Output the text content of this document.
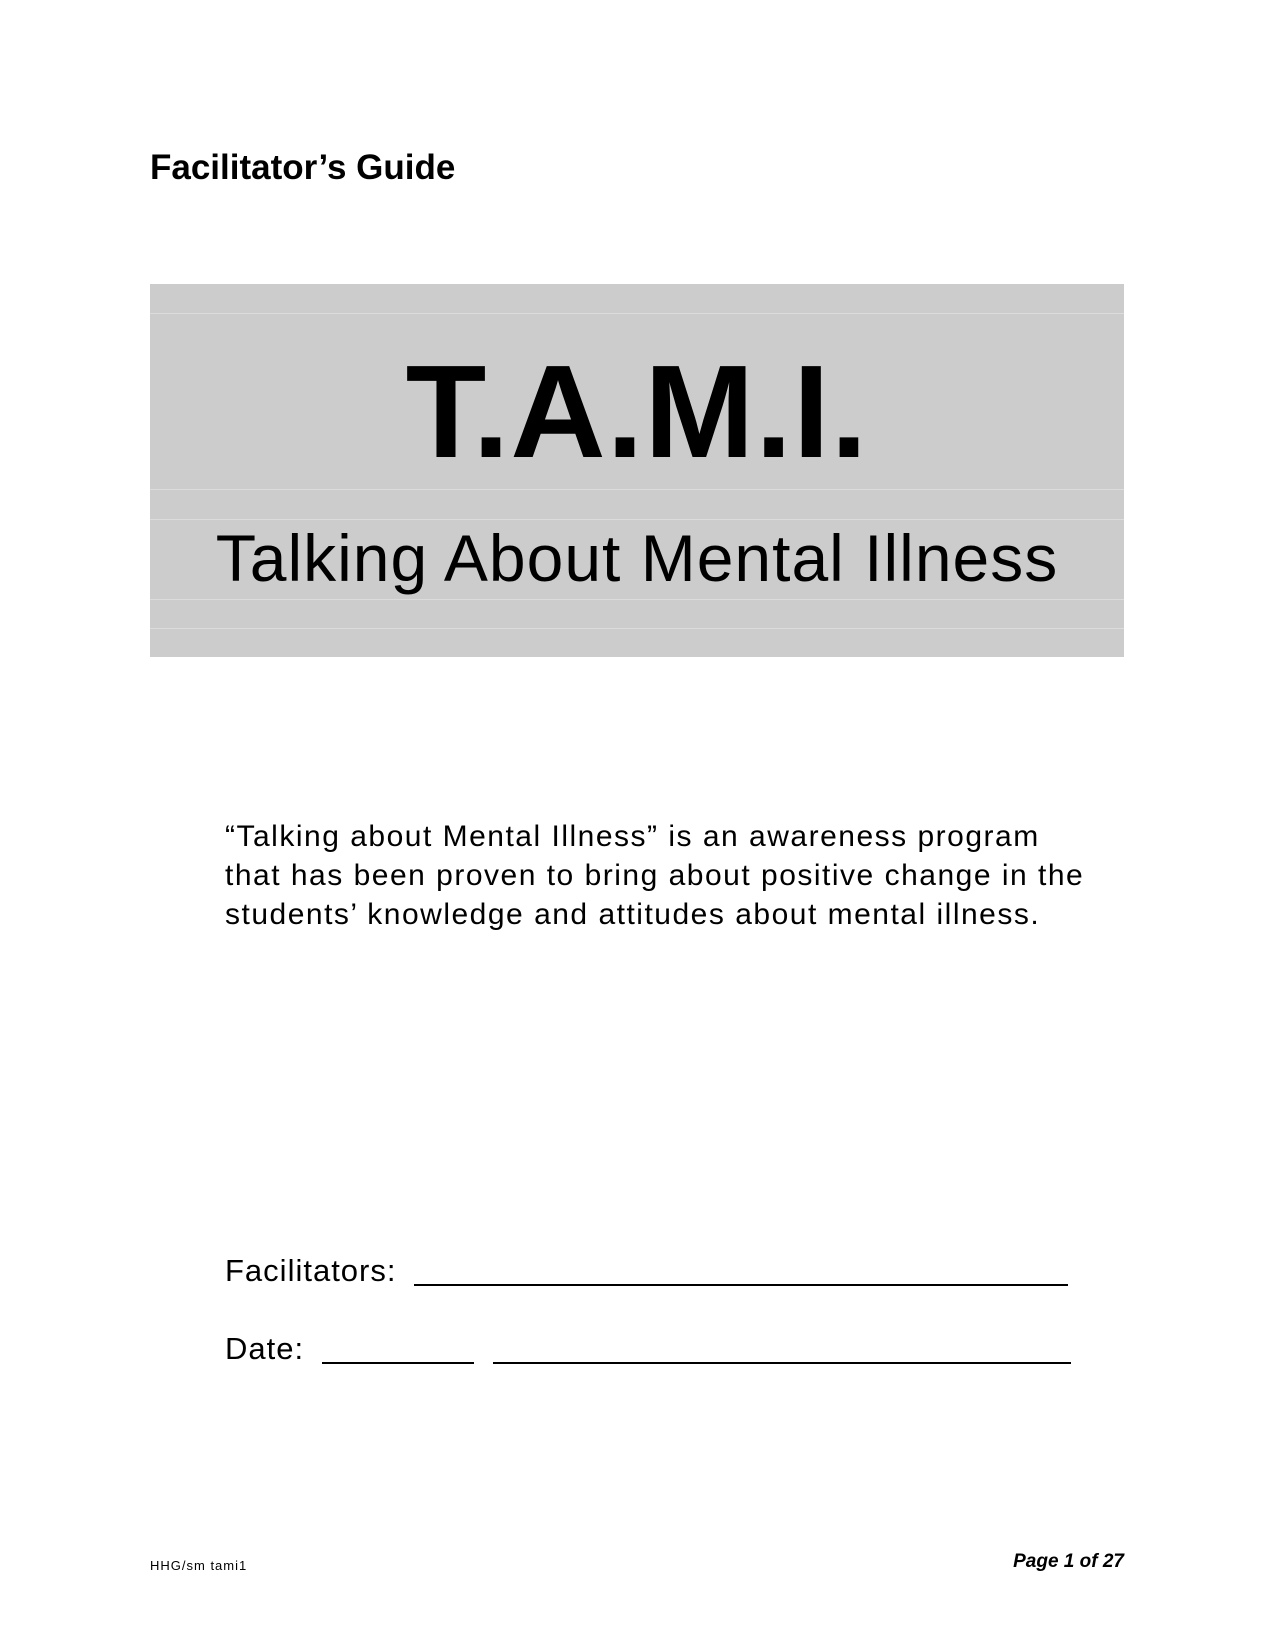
Facilitator’s Guide
T.A.M.I.
Talking About Mental Illness

“Talking about Mental Illness” is an awareness program that has been proven to bring about positive change in the students’ knowledge and attitudes about mental illness.

Facilitators:
Date:
HHG/sm tami1	Page 1 of 27
